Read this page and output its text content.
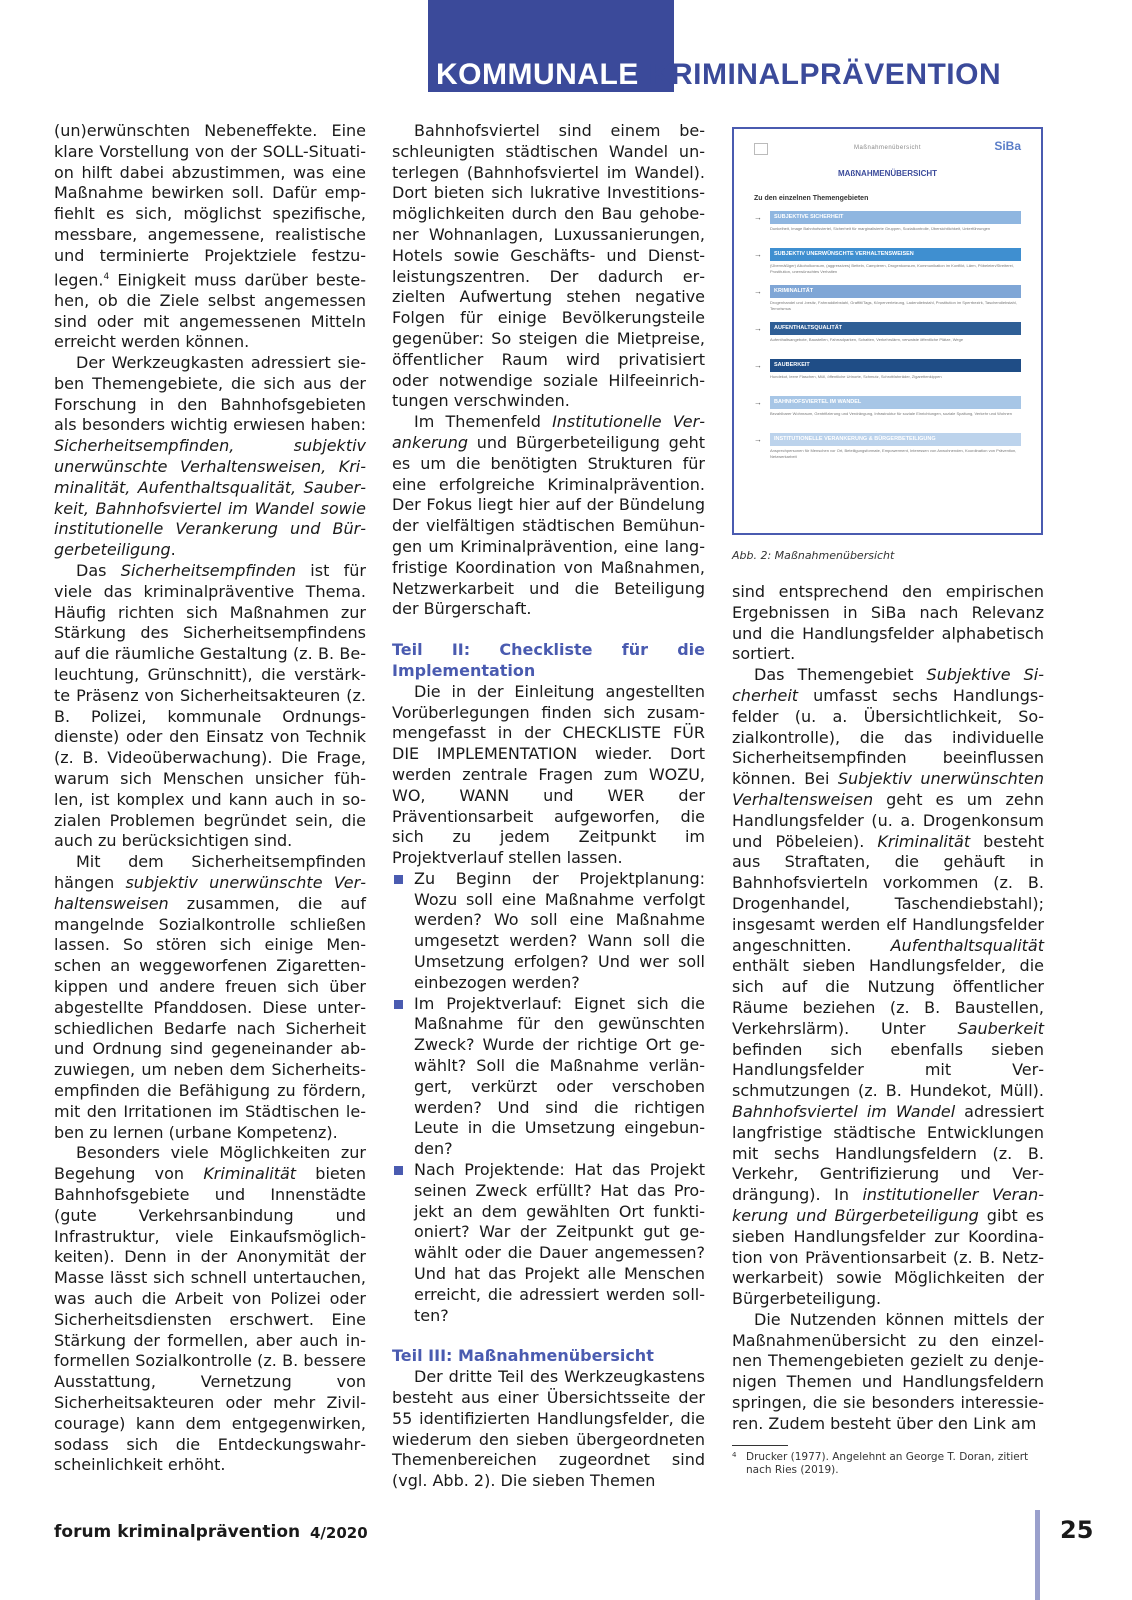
KOMMUNALE KRIMINALPRÄVENTION

(un)erwünschten Nebeneffekte. Eine klare Vorstellung von der SOLL-Situation hilft dabei abzustimmen, was eine Maßnahme bewirken soll. Dafür empfiehlt es sich, möglichst spezifische, messbare, angemessene, realistische und terminierte Projektziele festzulegen.$^4$ Einigkeit muss darüber bestehen, ob die Ziele selbst angemessen sind oder mit angemessenen Mitteln erreicht werden können.

Der Werkzeugkasten adressiert sieben Themengebiete, die sich aus der Forschung in den Bahnhofsgebieten als besonders wichtig erwiesen haben: Sicherheitsempfinden, subjektiv unerwünschte Verhaltensweisen, Kriminalität, Aufenthaltsqualität, Sauberkeit, Bahnhofsviertel im Wandel sowie institutionelle Verankerung und Bürgerbeteiligung.

Das Sicherheitsempfinden ist für viele das kriminalpräventive Thema. Häufig richten sich Maßnahmen zur Stärkung des Sicherheitsempfindens auf die räumliche Gestaltung (z. B. Beleuchtung, Grünschnitt), die verstärkte Präsenz von Sicherheitsakteuren (z. B. Polizei, kommunale Ordnungsdienste) oder den Einsatz von Technik (z. B. Videoüberwachung). Die Frage, warum sich Menschen unsicher fühlen, ist komplex und kann auch in sozialen Problemen begründet sein, die auch zu berücksichtigen sind.

Mit dem Sicherheitsempfinden hängen subjektiv unerwünschte Verhaltensweisen zusammen, die auf mangelnde Sozialkontrolle schließen lassen. So stören sich einige Menschen an weggeworfenen Zigarettenkippen und andere freuen sich über abgestellte Pfanddosen. Diese unterschiedlichen Bedarfe nach Sicherheit und Ordnung sind gegeneinander abzuwiegen, um neben dem Sicherheitsempfinden die Befähigung zu fördern, mit den Irritationen im Städtischen leben zu lernen (urbane Kompetenz).

Besonders viele Möglichkeiten zur Begehung von Kriminalität bieten Bahnhofsgebiete und Innenstädte (gute Verkehrsanbindung und Infrastruktur, viele Einkaufsmöglichkeiten). Denn in der Anonymität der Masse lässt sich schnell untertauchen, was auch die Arbeit von Polizei oder Sicherheitsdiensten erschwert. Eine Stärkung der formellen, aber auch informellen Sozialkontrolle (z. B. bessere Ausstattung, Vernetzung von Sicherheitsakteuren oder mehr Zivilcourage) kann dem entgegenwirken, sodass sich die Entdeckungswahrscheinlichkeit erhöht.

Bahnhofsviertel sind einem beschleunigten städtischen Wandel unterlegen (Bahnhofsviertel im Wandel). Dort bieten sich lukrative Investitionsmöglichkeiten durch den Bau gehobener Wohnanlagen, Luxussanierungen, Hotels sowie Geschäfts- und Dienstleistungszentren. Der dadurch erzielten Aufwertung stehen negative Folgen für einige Bevölkerungsteile gegenüber: So steigen die Mietpreise, öffentlicher Raum wird privatisiert oder notwendige soziale Hilfeeinrichtungen verschwinden.

Im Themenfeld Institutionelle Verankerung und Bürgerbeteiligung geht es um die benötigten Strukturen für eine erfolgreiche Kriminalprävention. Der Fokus liegt hier auf der Bündelung der vielfältigen städtischen Bemühungen um Kriminalprävention, eine langfristige Koordination von Maßnahmen, Netzwerkarbeit und die Beteiligung der Bürgerschaft.

Teil II: Checkliste für die Implementation

Die in der Einleitung angestellten Vorüberlegungen finden sich zusammengefasst in der CHECKLISTE FÜR DIE IMPLEMENTATION wieder. Dort werden zentrale Fragen zum WOZU, WO, WANN und WER der Präventionsarbeit aufgeworfen, die sich zu jedem Zeitpunkt im Projektverlauf stellen lassen.

Zu Beginn der Projektplanung: Wozu soll eine Maßnahme verfolgt werden? Wo soll eine Maßnahme umgesetzt werden? Wann soll die Umsetzung erfolgen? Und wer soll einbezogen werden?
Im Projektverlauf: Eignet sich die Maßnahme für den gewünschten Zweck? Wurde der richtige Ort gewählt? Soll die Maßnahme verlängert, verkürzt oder verschoben werden? Und sind die richtigen Leute in die Umsetzung eingebunden?
Nach Projektende: Hat das Projekt seinen Zweck erfüllt? Hat das Projekt an dem gewählten Ort funktioniert? War der Zeitpunkt gut gewählt oder die Dauer angemessen? Und hat das Projekt alle Menschen erreicht, die adressiert werden sollten?

Teil III: Maßnahmenübersicht

Der dritte Teil des Werkzeugkastens besteht aus einer Übersichtsseite der 55 identifizierten Handlungsfelder, die wiederum den sieben übergeordneten Themenbereichen zugeordnet sind (vgl. Abb. 2). Die sieben Themen

Maßnahmenübersicht	SiBa
MAßNAHMENÜBERSICHT
Zu den einzelnen Themengebieten
→	SUBJEKTIVE SICHERHEIT
Dunkelheit, Image Bahnhofsviertel, Sicherheit für marginalisierte Gruppen, Sozialkontrolle, Übersichtlichkeit, Unterführungen
→	SUBJEKTIV UNERWÜNSCHTE VERHALTENSWEISEN
(Übermäßiger) Alkoholkonsum, (aggressives) Betteln, Campieren, Drogenkonsum, Kommunikation im Konflikt, Lärm, Pöbeleien/Streiterei, Prostitution, unerwünschtes Verhalten
→	KRIMINALITÄT
Drogenhandel und -besitz, Fahrraddiebstahl, Graffiti/Tags, Körperverletzung, Ladendiebstahl, Prostitution im Sperrbezirk, Taschendiebstahl, Terrorismus
→	AUFENTHALTSQUALITÄT
Aufenthaltsangebote, Baustellen, Fahrradparken, Schatten, Verkehrslärm, verwaiste öffentliche Plätze, Wege
→	SAUBERKEIT
Hundekot, leere Flaschen, Müll, öffentliche Urinorte, Schmutz, Schrottfahrräder, Zigarettenkippen
→	BAHNHOFSVIERTEL IM WANDEL
Bezahlbarer Wohnraum, Gentrifizierung und Verdrängung, Infrastruktur für soziale Einrichtungen, soziale Spaltung, Verkehr und Wohnen
→	INSTITUTIONELLE VERANKERUNG & BÜRGERBETEILIGUNG
Ansprechpersonen für Menschen vor Ort, Beteiligungsformate, Empowerment, Interessen von Anwohnenden, Koordination von Prävention, Netzwerkarbeit
Abb. 2: Maßnahmenübersicht

sind entsprechend den empirischen Ergebnissen in SiBa nach Relevanz und die Handlungsfelder alphabetisch sortiert.

Das Themengebiet Subjektive Sicherheit umfasst sechs Handlungsfelder (u. a. Übersichtlichkeit, Sozialkontrolle), die das individuelle Sicherheitsempfinden beeinflussen können. Bei Subjektiv unerwünschten Verhaltensweisen geht es um zehn Handlungsfelder (u. a. Drogenkonsum und Pöbeleien). Kriminalität besteht aus Straftaten, die gehäuft in Bahnhofsvierteln vorkommen (z. B. Drogenhandel, Taschendiebstahl); insgesamt werden elf Handlungsfelder angeschnitten. Aufenthaltsqualität enthält sieben Handlungsfelder, die sich auf die Nutzung öffentlicher Räume beziehen (z. B. Baustellen, Verkehrslärm). Unter Sauberkeit befinden sich ebenfalls sieben Handlungsfelder mit Verschmutzungen (z. B. Hundekot, Müll). Bahnhofsviertel im Wandel adressiert langfristige städtische Entwicklungen mit sechs Handlungsfeldern (z. B. Verkehr, Gentrifizierung und Verdrängung). In institutioneller Verankerung und Bürgerbeteiligung gibt es sieben Handlungsfelder zur Koordination von Präventionsarbeit (z. B. Netzwerkarbeit) sowie Möglichkeiten der Bürgerbeteiligung.

Die Nutzenden können mittels der Maßnahmenübersicht zu den einzelnen Themengebieten gezielt zu denjenigen Themen und Handlungsfeldern springen, die sie besonders interessieren. Zudem besteht über den Link am

4 Drucker (1977). Angelehnt an George T. Doran, zitiert nach Ries (2019).
forum kriminalprävention 4/2020	25
